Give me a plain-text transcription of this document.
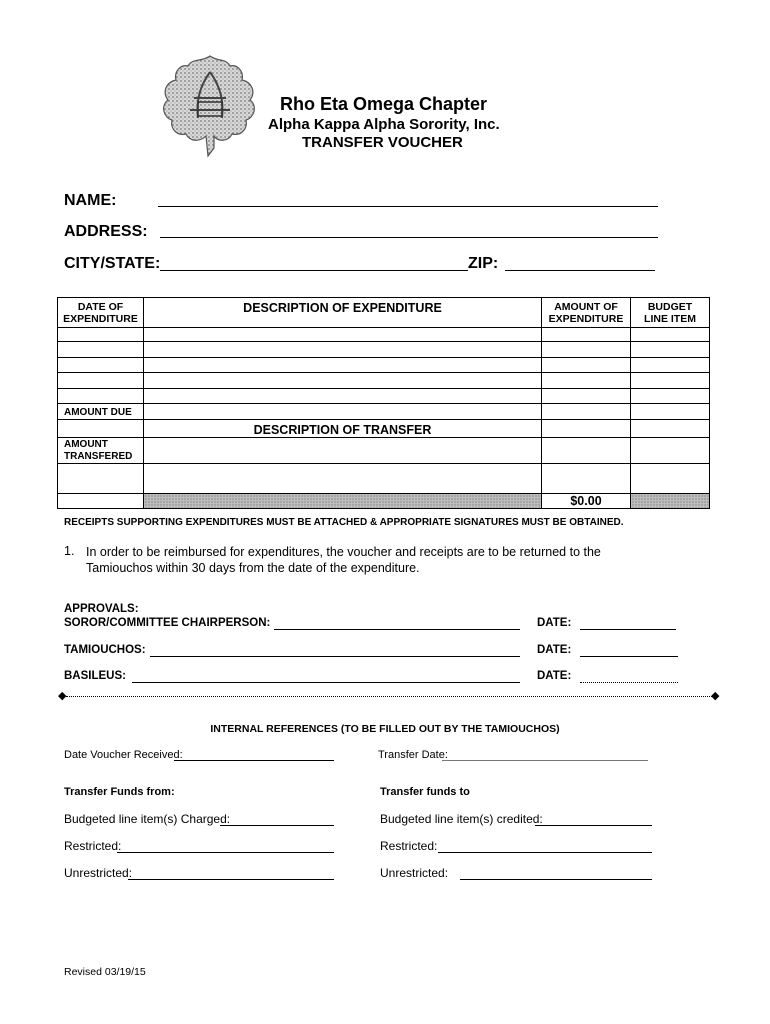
Rho Eta Omega Chapter
Alpha Kappa Alpha Sorority, Inc.
TRANSFER VOUCHER
NAME:
ADDRESS:
CITY/STATE:	ZIP:
DATE OF EXPENDITURE	DESCRIPTION OF EXPENDITURE	AMOUNT OF EXPENDITURE	BUDGET LINE ITEM

AMOUNT DUE			

	DESCRIPTION OF TRANSFER		

AMOUNT TRANSFERED			

		$0.00	

RECEIPTS SUPPORTING EXPENDITURES MUST BE ATTACHED & APPROPRIATE SIGNATURES MUST BE OBTAINED.
1. In order to be reimbursed for expenditures, the voucher and receipts are to be returned to the Tamiouchos within 30 days from the date of the expenditure.
APPROVALS:
SOROR/COMMITTEE CHAIRPERSON:	DATE:
TAMIOUCHOS:	DATE:
BASILEUS:	DATE:
◆	◆
INTERNAL REFERENCES (TO BE FILLED OUT BY THE TAMIOUCHOS)
Date Voucher Received:	Transfer Date:
Transfer Funds from:	Transfer funds to
Budgeted line item(s) Charged:	Budgeted line item(s) credited:
Restricted:	Restricted:
Unrestricted:	Unrestricted:
Revised 03/19/15
